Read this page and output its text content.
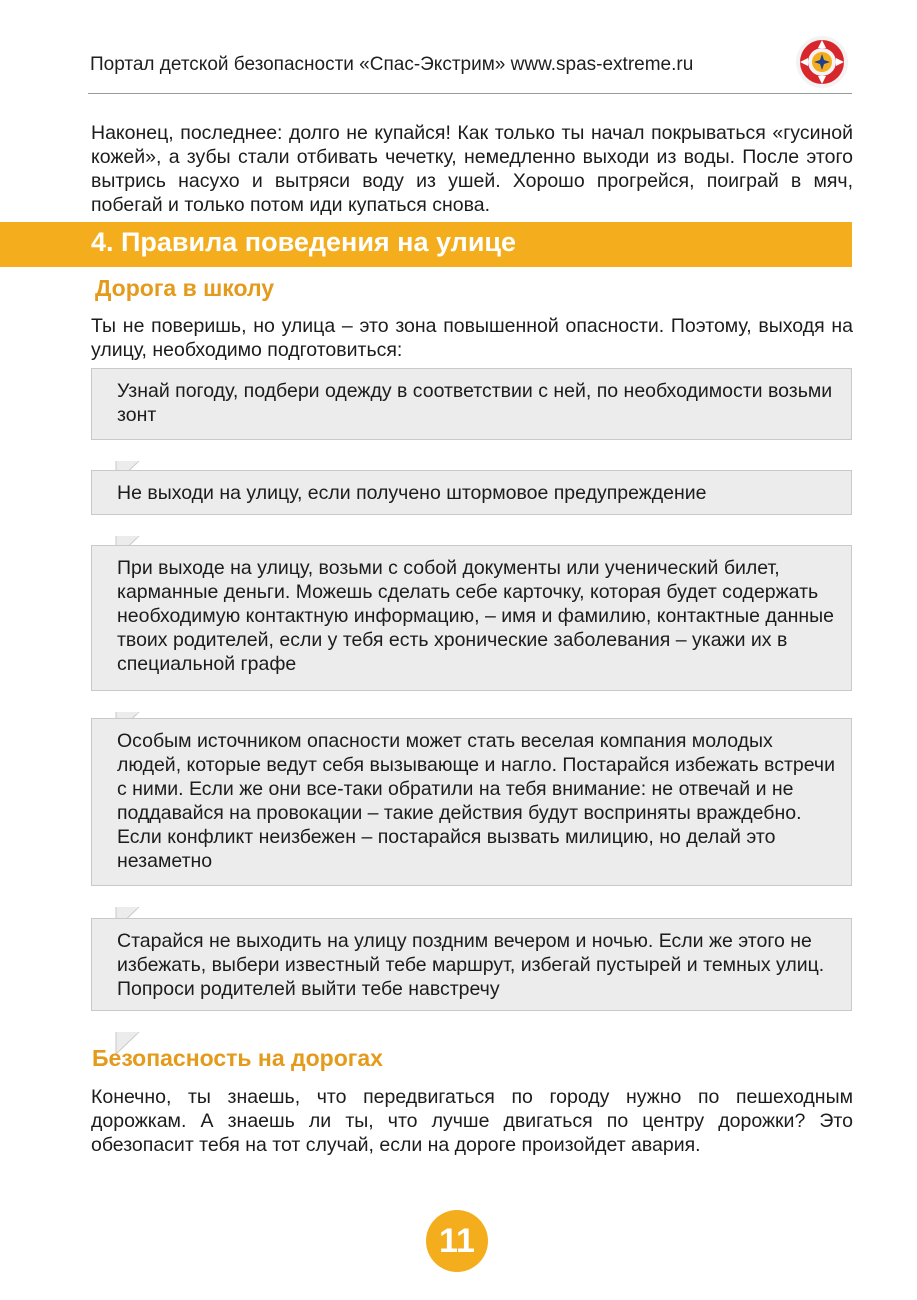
Портал детской безопасности «Спас-Экстрим» www.spas-extreme.ru
Наконец, последнее: долго не купайся! Как только ты начал покрываться «гусиной кожей», а зубы стали отбивать чечетку, немедленно выходи из воды. После этого вытрись насухо и вытряси воду из ушей. Хорошо прогрейся, поиграй в мяч, побегай и только потом иди купаться снова.
4. Правила поведения на улице
Дорога в школу
Ты не поверишь, но улица – это зона повышенной опасности. Поэтому, выходя на улицу, необходимо подготовиться:
Узнай погоду, подбери одежду в соответствии с ней, по необходимости возьми зонт
Не выходи на улицу, если получено штормовое предупреждение
При выходе на улицу, возьми с собой документы или ученический билет, карманные деньги. Можешь сделать себе карточку, которая будет содержать необходимую контактную информацию, – имя и фамилию, контактные данные твоих родителей, если у тебя есть хронические заболевания – укажи их в специальной графе
Особым источником опасности может стать веселая компания молодых людей, которые ведут себя вызывающе и нагло. Постарайся избежать встречи с ними. Если же они все-таки обратили на тебя внимание: не отвечай и не поддавайся на провокации – такие действия будут восприняты враждебно. Если конфликт неизбежен – постарайся вызвать милицию, но делай это незаметно
Старайся не выходить на улицу поздним вечером и ночью. Если же этого не избежать, выбери известный тебе маршрут, избегай пустырей и темных улиц. Попроси родителей выйти тебе навстречу
Безопасность на дорогах
Конечно, ты знаешь, что передвигаться по городу нужно по пешеходным дорожкам. А знаешь ли ты, что лучше двигаться по центру дорожки? Это обезопасит тебя на тот случай, если на дороге произойдет авария.
11
